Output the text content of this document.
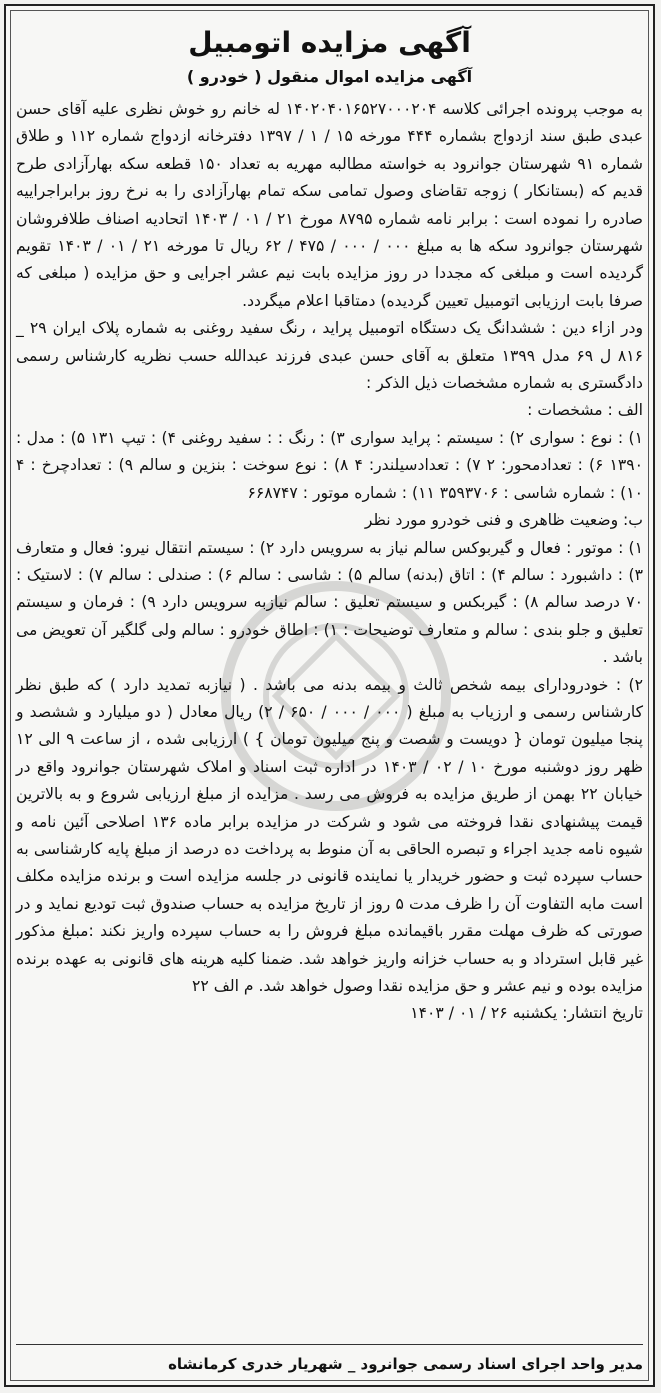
آگهی مزایده اتومبیل
آگهی مزایده اموال منقول ( خودرو )

به موجب پرونده اجرائی کلاسه ۱۴۰۲۰۴۰۱۶۵۲۷۰۰۰۲۰۴ له خانم رو خوش نظری علیه آقای حسن عبدی طبق سند ازدواج بشماره ۴۴۴ مورخه ۱۵ / ۱ / ۱۳۹۷ دفترخانه ازدواج شماره ۱۱۲ و طلاق شماره ۹۱ شهرستان جوانرود به خواسته مطالبه مهریه به تعداد ۱۵۰ قطعه سکه بهارآزادی طرح قدیم که (بستانکار ) زوجه تقاضای وصول تمامی سکه تمام بهارآزادی را به نرخ روز برابراجراییه صادره را نموده است : برابر نامه شماره ۸۷۹۵ مورخ ۲۱ / ۰۱ / ۱۴۰۳ اتحادیه اصناف طلافروشان شهرستان جوانرود سکه ها به مبلغ ۰۰۰ / ۰۰۰ / ۴۷۵ / ۶۲ ریال تا مورخه ۲۱ / ۰۱ / ۱۴۰۳ تقویم گردیده است و مبلغی که مجددا در روز مزایده بابت نیم عشر اجرایی و حق مزایده ( مبلغی که صرفا بابت ارزیابی اتومبیل تعیین گردیده) دمتاقبا اعلام میگردد.

ودر ازاء دین : ششدانگ یک دستگاه اتومبیل پراید ، رنگ سفید روغنی به شماره پلاک ایران ۲۹ _ ۸۱۶ ل ۶۹ مدل ۱۳۹۹ متعلق به آقای حسن عبدی فرزند عبدالله حسب نظریه کارشناس رسمی دادگستری به شماره مشخصات ذیل الذکر :

الف : مشخصات :

۱) : نوع : سواری ۲) : سیستم : پراید سواری ۳) : رنگ : : سفید روغنی ۴) : تیپ ۱۳۱ ۵) : مدل : ۱۳۹۰ ۶) : تعدادمحور: ۲ ۷) : تعدادسیلندر: ۴ ۸) : نوع سوخت : بنزین و سالم ۹) : تعدادچرخ : ۴ ۱۰) : شماره شاسی : ۳۵۹۳۷۰۶ ۱۱) : شماره موتور : ۶۶۸۷۴۷

ب: وضعیت ظاهری و فنی خودرو مورد نظر

۱) : موتور : فعال و گیربوکس سالم نیاز به سرویس دارد ۲) : سیستم انتقال نیرو: فعال و متعارف ۳) : داشبورد : سالم ۴) : اتاق (بدنه) سالم ۵) : شاسی : سالم ۶) : صندلی : سالم ۷) : لاستیک : ۷۰ درصد سالم ۸) : گیربکس و سیستم تعلیق : سالم نیازبه سرویس دارد ۹) : فرمان و سیستم تعلیق و جلو بندی : سالم و متعارف توضیحات : ۱) : اطاق خودرو : سالم ولی گلگیر آن تعویض می باشد .

۲) : خودرودارای بیمه شخص ثالث و بیمه بدنه می باشد . ( نیازبه تمدید دارد ) که طبق نظر کارشناس رسمی و ارزیاب به مبلغ ( ۰۰۰ / ۰۰۰ / ۶۵۰ / ۲) ریال معادل ( دو میلیارد و ششصد و پنجا میلیون تومان { دویست و شصت و پنج میلیون تومان } ) ارزیابی شده ، از ساعت ۹ الی ۱۲ ظهر روز دوشنبه مورخ ۱۰ / ۰۲ / ۱۴۰۳ در اداره ثبت اسناد و املاک شهرستان جوانرود واقع در خیابان ۲۲ بهمن از طریق مزایده به فروش می رسد . مزایده از مبلغ ارزیابی شروع و به بالاترین قیمت پیشنهادی نقدا فروخته می شود و شرکت در مزایده برابر ماده ۱۳۶ اصلاحی آئین نامه و شیوه نامه جدید اجراء و تبصره الحاقی به آن منوط به پرداخت ده درصد از مبلغ پایه کارشناسی به حساب سپرده ثبت و حضور خریدار یا نماینده قانونی در جلسه مزایده است و برنده مزایده مکلف است مابه التفاوت آن را ظرف مدت ۵ روز از تاریخ مزایده به حساب صندوق ثبت تودیع نماید و در صورتی که ظرف مهلت مقرر باقیمانده مبلغ فروش را به حساب سپرده واریز نکند :مبلغ مذکور غیر قابل استرداد و به حساب خزانه واریز خواهد شد. ضمنا کلیه هرینه های قانونی به عهده برنده مزایده بوده و نیم عشر و حق مزایده نقدا وصول خواهد شد. م الف ۲۲

تاریخ انتشار: یکشنبه ۲۶ / ۰۱ / ۱۴۰۳

مدیر واحد اجرای اسناد رسمی جوانرود _ شهریار خدری کرمانشاه
